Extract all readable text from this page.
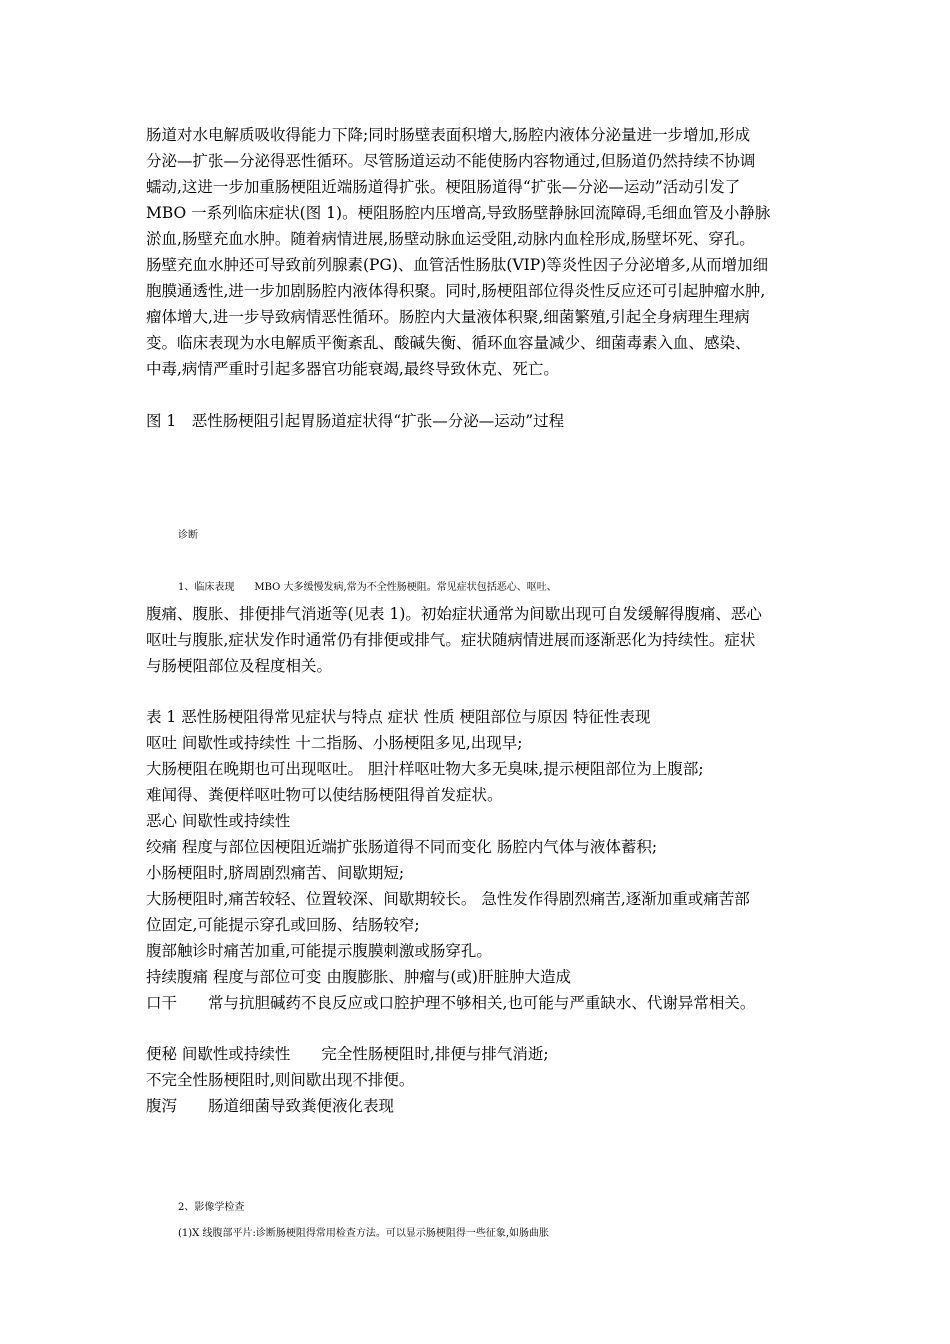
肠道对水电解质吸收得能力下降;同时肠壁表面积增大,肠腔内液体分泌量进一步增加,形成
分泌—扩张—分泌得恶性循环。尽管肠道运动不能使肠内容物通过,但肠道仍然持续不协调
蠕动,这进一步加重肠梗阻近端肠道得扩张。梗阻肠道得“扩张—分泌—运动”活动引发了
MBO 一系列临床症状(图 1)。梗阻肠腔内压增高,导致肠壁静脉回流障碍,毛细血管及小静脉
淤血,肠壁充血水肿。随着病情进展,肠壁动脉血运受阻,动脉内血栓形成,肠壁坏死、穿孔。
肠壁充血水肿还可导致前列腺素(PG)、血管活性肠肽(VIP)等炎性因子分泌增多,从而增加细
胞膜通透性,进一步加剧肠腔内液体得积聚。同时,肠梗阻部位得炎性反应还可引起肿瘤水肿,
瘤体增大,进一步导致病情恶性循环。肠腔内大量液体积聚,细菌繁殖,引起全身病理生理病
变。临床表现为水电解质平衡紊乱、酸碱失衡、循环血容量减少、细菌毒素入血、感染、
中毒,病情严重时引起多器官功能衰竭,最终导致休克、死亡。
图 1　恶性肠梗阻引起胃肠道症状得“扩张—分泌—运动”过程
诊断
1、临床表现　　MBO 大多缓慢发病,常为不全性肠梗阻。常见症状包括恶心、呕吐、
腹痛、腹胀、排便排气消逝等(见表 1)。初始症状通常为间歇出现可自发缓解得腹痛、恶心
呕吐与腹胀,症状发作时通常仍有排便或排气。症状随病情进展而逐渐恶化为持续性。症状
与肠梗阻部位及程度相关。
表 1 恶性肠梗阻得常见症状与特点 症状 性质 梗阻部位与原因 特征性表现
呕吐 间歇性或持续性 十二指肠、小肠梗阻多见,出现早;
大肠梗阻在晚期也可出现呕吐。 胆汁样呕吐物大多无臭味,提示梗阻部位为上腹部;
难闻得、粪便样呕吐物可以使结肠梗阻得首发症状。
恶心 间歇性或持续性
绞痛 程度与部位因梗阻近端扩张肠道得不同而变化 肠腔内气体与液体蓄积;
小肠梗阻时,脐周剧烈痛苦、间歇期短;
大肠梗阻时,痛苦较轻、位置较深、间歇期较长。 急性发作得剧烈痛苦,逐渐加重或痛苦部
位固定,可能提示穿孔或回肠、结肠较窄;
腹部触诊时痛苦加重,可能提示腹膜刺激或肠穿孔。
持续腹痛 程度与部位可变 由腹膨胀、肿瘤与(或)肝脏肿大造成
口干　　常与抗胆碱药不良反应或口腔护理不够相关,也可能与严重缺水、代谢异常相关。
便秘 间歇性或持续性　　完全性肠梗阻时,排便与排气消逝;
不完全性肠梗阻时,则间歇出现不排便。
腹泻　　肠道细菌导致粪便液化表现
2、影像学检查
(1)X 线腹部平片:诊断肠梗阻得常用检查方法。可以显示肠梗阻得一些征象,如肠曲胀
